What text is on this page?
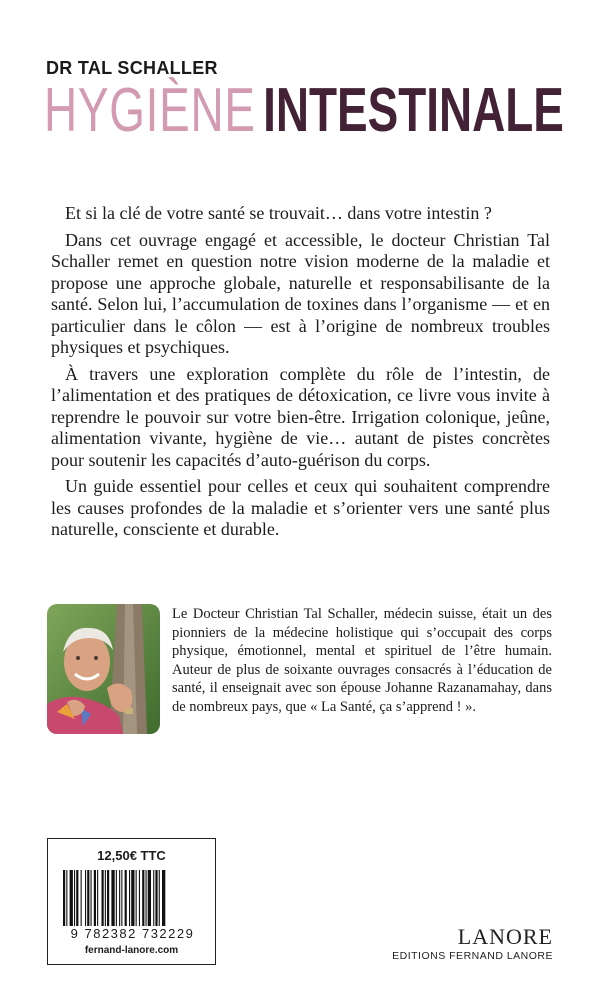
DR TAL SCHALLER
HYGIÈNE INTESTINALE

Et si la clé de votre santé se trouvait… dans votre intestin ?

Dans cet ouvrage engagé et accessible, le docteur Christian Tal Schaller remet en question notre vision moderne de la maladie et propose une approche globale, naturelle et responsabilisante de la santé. Selon lui, l’accumulation de toxines dans l’organisme — et en particulier dans le côlon — est à l’origine de nombreux troubles physiques et psychiques.

À travers une exploration complète du rôle de l’intestin, de l’alimentation et des pratiques de détoxication, ce livre vous invite à reprendre le pouvoir sur votre bien-être. Irrigation colonique, jeûne, alimentation vivante, hygiène de vie… autant de pistes concrètes pour soutenir les capacités d’auto-guérison du corps.

Un guide essentiel pour celles et ceux qui souhaitent comprendre les causes profondes de la maladie et s’orienter vers une santé plus naturelle, consciente et durable.

Le Docteur Christian Tal Schaller, médecin suisse, était un des pionniers de la médecine holistique qui s’occupait des corps physique, émotionnel, mental et spirituel de l’être humain. Auteur de plus de soixante ouvrages consacrés à l’éducation de santé, il enseignait avec son épouse Johanne Razanamahay, dans de nombreux pays, que « La Santé, ça s’apprend ! ».
12,50€ TTC
9 782382 732229
fernand-lanore.com
LANORE
EDITIONS FERNAND LANORE
